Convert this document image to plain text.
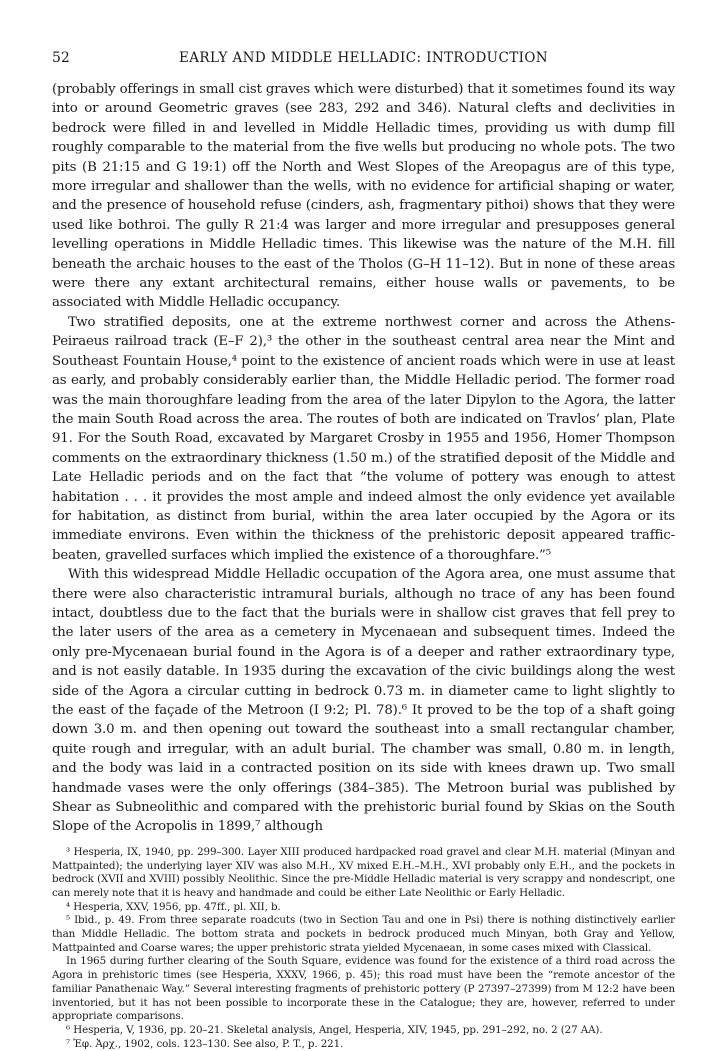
52	EARLY AND MIDDLE HELLADIC: INTRODUCTION

(probably offerings in small cist graves which were disturbed) that it sometimes found its way into or around Geometric graves (see 283, 292 and 346). Natural clefts and declivities in bedrock were filled in and levelled in Middle Helladic times, providing us with dump fill roughly comparable to the material from the five wells but producing no whole pots. The two pits (B 21:15 and G 19:1) off the North and West Slopes of the Areopagus are of this type, more irregular and shallower than the wells, with no evidence for artificial shaping or water, and the presence of household refuse (cinders, ash, fragmentary pithoi) shows that they were used like bothroi. The gully R 21:4 was larger and more irregular and presupposes general levelling operations in Middle Helladic times. This likewise was the nature of the M.H. fill beneath the archaic houses to the east of the Tholos (G–H 11–12). But in none of these areas were there any extant architectural remains, either house walls or pavements, to be associated with Middle Helladic occupancy.

Two stratified deposits, one at the extreme northwest corner and across the Athens-Peiraeus railroad track (E–F 2),³ the other in the southeast central area near the Mint and Southeast Fountain House,⁴ point to the existence of ancient roads which were in use at least as early, and probably considerably earlier than, the Middle Helladic period. The former road was the main thoroughfare leading from the area of the later Dipylon to the Agora, the latter the main South Road across the area. The routes of both are indicated on Travlos’ plan, Plate 91. For the South Road, excavated by Margaret Crosby in 1955 and 1956, Homer Thompson comments on the extraordinary thickness (1.50 m.) of the stratified deposit of the Middle and Late Helladic periods and on the fact that “the volume of pottery was enough to attest habitation . . . it provides the most ample and indeed almost the only evidence yet available for habitation, as distinct from burial, within the area later occupied by the Agora or its immediate environs. Even within the thickness of the prehistoric deposit appeared traffic-beaten, gravelled surfaces which implied the existence of a thoroughfare.”⁵

With this widespread Middle Helladic occupation of the Agora area, one must assume that there were also characteristic intramural burials, although no trace of any has been found intact, doubtless due to the fact that the burials were in shallow cist graves that fell prey to the later users of the area as a cemetery in Mycenaean and subsequent times. Indeed the only pre-Mycenaean burial found in the Agora is of a deeper and rather extraordinary type, and is not easily datable. In 1935 during the excavation of the civic buildings along the west side of the Agora a circular cutting in bedrock 0.73 m. in diameter came to light slightly to the east of the façade of the Metroon (I 9:2; Pl. 78).⁶ It proved to be the top of a shaft going down 3.0 m. and then opening out toward the southeast into a small rectangular chamber, quite rough and irregular, with an adult burial. The chamber was small, 0.80 m. in length, and the body was laid in a contracted position on its side with knees drawn up. Two small handmade vases were the only offerings (384–385). The Metroon burial was published by Shear as Subneolithic and compared with the prehistoric burial found by Skias on the South Slope of the Acropolis in 1899,⁷ although

³ Hesperia, IX, 1940, pp. 299–300. Layer XIII produced hardpacked road gravel and clear M.H. material (Minyan and Mattpainted); the underlying layer XIV was also M.H., XV mixed E.H.–M.H., XVI probably only E.H., and the pockets in bedrock (XVII and XVIII) possibly Neolithic. Since the pre-Middle Helladic material is very scrappy and nondescript, one can merely note that it is heavy and handmade and could be either Late Neolithic or Early Helladic.

⁴ Hesperia, XXV, 1956, pp. 47ff., pl. XII, b.

⁵ Ibid., p. 49. From three separate roadcuts (two in Section Tau and one in Psi) there is nothing distinctively earlier than Middle Helladic. The bottom strata and pockets in bedrock produced much Minyan, both Gray and Yellow, Mattpainted and Coarse wares; the upper prehistoric strata yielded Mycenaean, in some cases mixed with Classical.

In 1965 during further clearing of the South Square, evidence was found for the existence of a third road across the Agora in prehistoric times (see Hesperia, XXXV, 1966, p. 45); this road must have been the “remote ancestor of the familiar Panathenaic Way.” Several interesting fragments of prehistoric pottery (P 27397–27399) from M 12:2 have been inventoried, but it has not been possible to incorporate these in the Catalogue; they are, however, referred to under appropriate comparisons.

⁶ Hesperia, V, 1936, pp. 20–21. Skeletal analysis, Angel, Hesperia, XIV, 1945, pp. 291–292, no. 2 (27 AA).

⁷ Ἐφ. Ἀρχ., 1902, cols. 123–130. See also, P. T., p. 221.
